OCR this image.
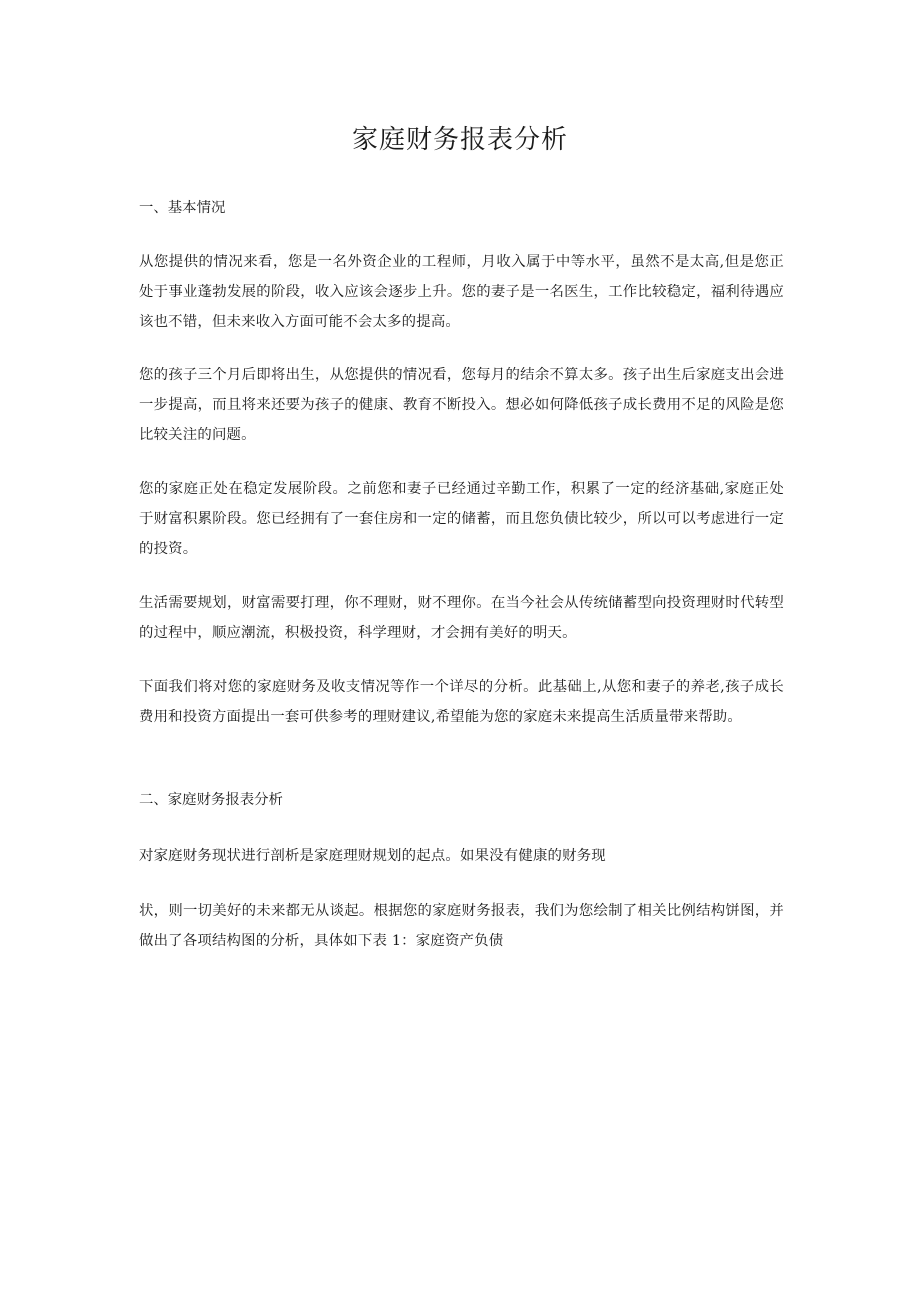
家庭财务报表分析
一、基本情况

从您提供的情况来看，您是一名外资企业的工程师，月收入属于中等水平，虽然不是太高,但是您正处于事业蓬勃发展的阶段，收入应该会逐步上升。您的妻子是一名医生，工作比较稳定，福利待遇应该也不错，但未来收入方面可能不会太多的提高。

您的孩子三个月后即将出生，从您提供的情况看，您每月的结余不算太多。孩子出生后家庭支出会进一步提高，而且将来还要为孩子的健康、教育不断投入。想必如何降低孩子成长费用不足的风险是您比较关注的问题。

您的家庭正处在稳定发展阶段。之前您和妻子已经通过辛勤工作，积累了一定的经济基础,家庭正处于财富积累阶段。您已经拥有了一套住房和一定的储蓄，而且您负债比较少，所以可以考虑进行一定的投资。

生活需要规划，财富需要打理，你不理财，财不理你。在当今社会从传统储蓄型向投资理财时代转型的过程中，顺应潮流，积极投资，科学理财，才会拥有美好的明天。

下面我们将对您的家庭财务及收支情况等作一个详尽的分析。此基础上,从您和妻子的养老,孩子成长费用和投资方面提出一套可供参考的理财建议,希望能为您的家庭未来提高生活质量带来帮助。

二、家庭财务报表分析

对家庭财务现状进行剖析是家庭理财规划的起点。如果没有健康的财务现

状，则一切美好的未来都无从谈起。根据您的家庭财务报表，我们为您绘制了相关比例结构饼图，并做出了各项结构图的分析，具体如下表 1：家庭资产负债
